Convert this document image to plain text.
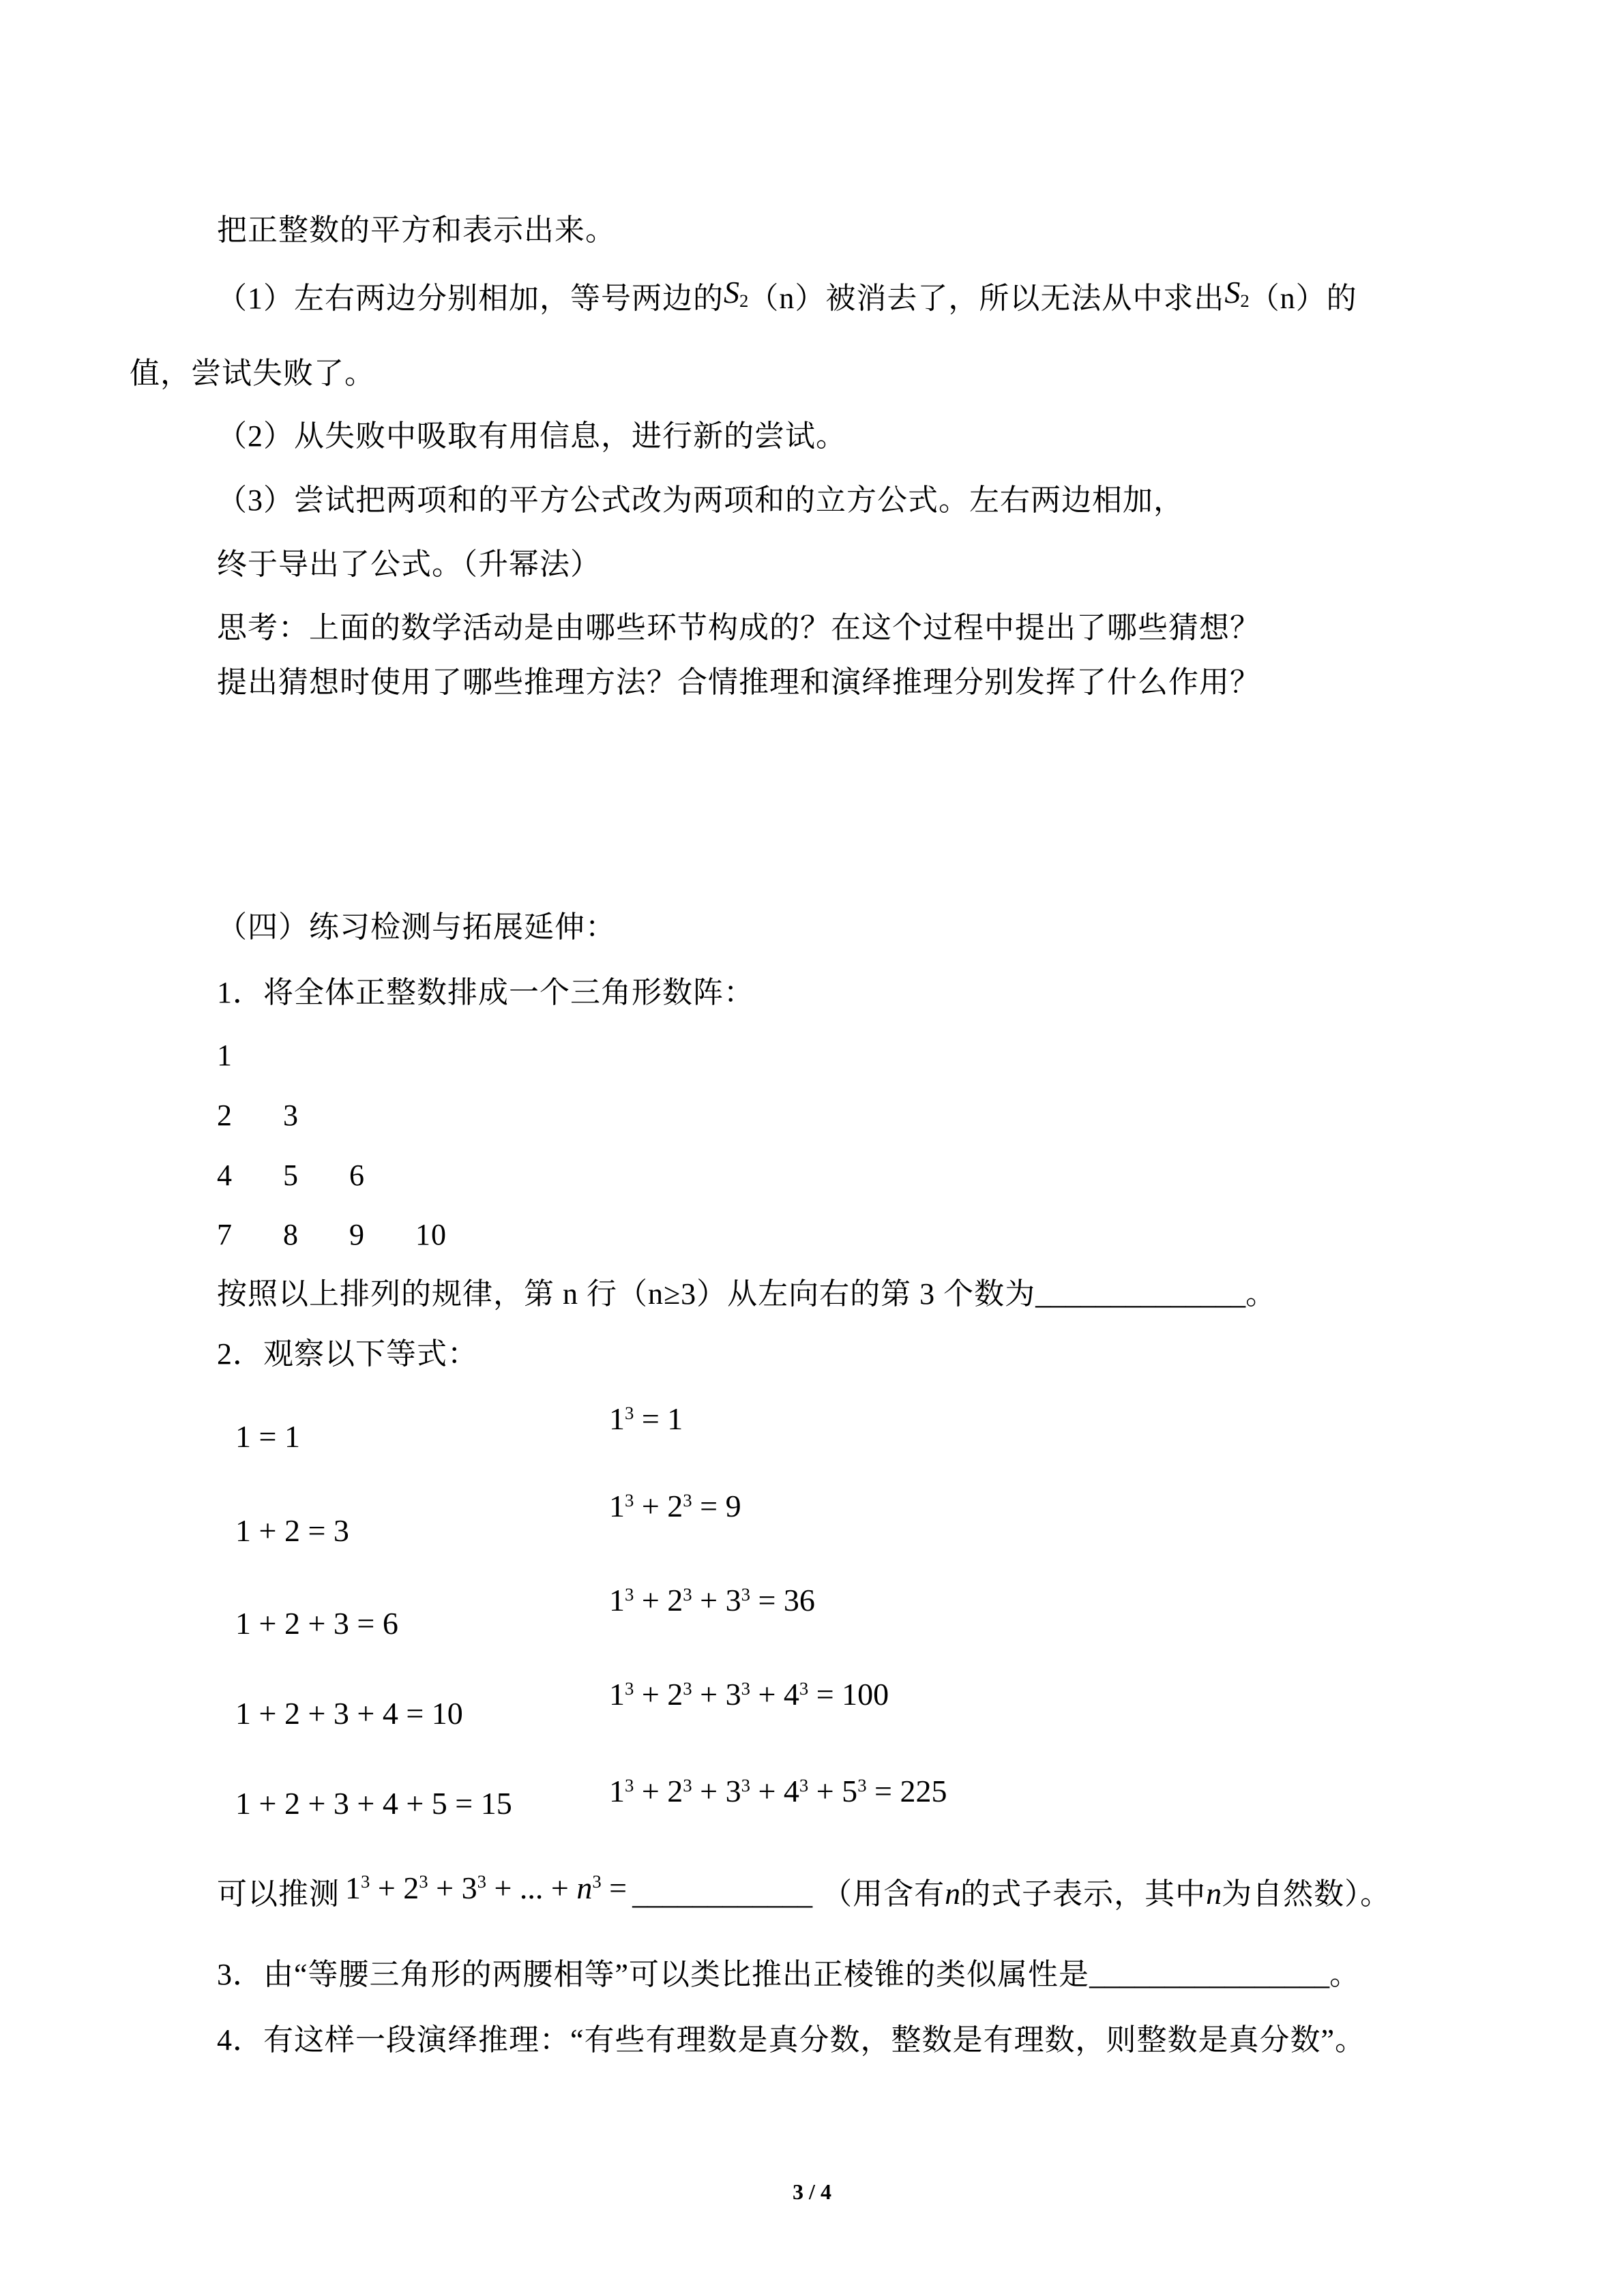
把正整数的平方和表示出来。
（1）左右两边分别相加，等号两边的$S_2(n)$被消去了，所以无法从中求出$S_2(n)$的
值，尝试失败了。
（2）从失败中吸取有用信息，进行新的尝试。
（3）尝试把两项和的平方公式改为两项和的立方公式。左右两边相加，
终于导出了公式。（升幂法）
思考：上面的数学活动是由哪些环节构成的？在这个过程中提出了哪些猜想？
提出猜想时使用了哪些推理方法？合情推理和演绎推理分别发挥了什么作用？
（四）练习检测与拓展延伸：
1．将全体正整数排成一个三角形数阵：
1
2 3
4 5 6
7 8 9 10
按照以上排列的规律，第 n 行（n≥3）从左向右的第 3 个数为______________。
2．观察以下等式：
1 = 1
1 + 2 = 3
1 + 2 + 3 = 6
1 + 2 + 3 + 4 = 10
1 + 2 + 3 + 4 + 5 = 15
$1^3 = 1$
$1^3 + 2^3 = 9$
$1^3 + 2^3 + 3^3 = 36$
$1^3 + 2^3 + 3^3 + 4^3 = 100$
$1^3 + 2^3 + 3^3 + 4^3 + 5^3 = 225$
可以推测 $1^3 + 2^3 + 3^3$ + ... + $n^3$ = ____________ （用含有n的式子表示，其中n为自然数）。
3．由“等腰三角形的两腰相等”可以类比推出正棱锥的类似属性是________________。
4．有这样一段演绎推理：“有些有理数是真分数，整数是有理数，则整数是真分数”。
3 / 4
